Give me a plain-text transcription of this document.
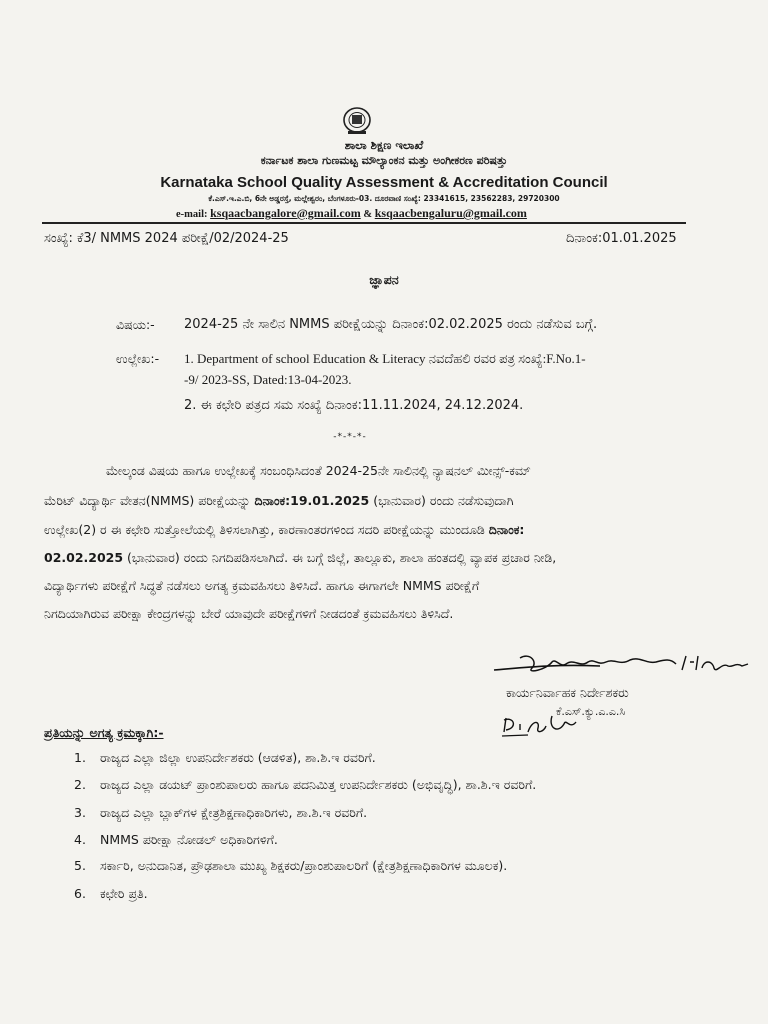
ಶಾಲಾ ಶಿಕ್ಷಣ ಇಲಾಖೆ
ಕರ್ನಾಟಕ ಶಾಲಾ ಗುಣಮಟ್ಟ ಮೌಲ್ಯಾಂಕನ ಮತ್ತು ಅಂಗೀಕರಣ ಪರಿಷತ್ತು
Karnataka School Quality Assessment & Accreditation Council
ಕೆ.ಎಸ್.ಇ.ಎ.ಬಿ, 6ನೇ ಅಡ್ಡರಸ್ತೆ, ಮಲ್ಲೇಶ್ವರಂ, ಬೆಂಗಳೂರು-03. ದೂರವಾಣಿ ಸಂಖ್ಯೆ: 23341615, 23562283, 29720300
e-mail: ksqaacbangalore@gmail.com & ksqaacbengaluru@gmail.com
ಸಂಖ್ಯೆ: ಕೆ3/ NMMS 2024 ಪರೀಕ್ಷೆ/02/2024-25	ದಿನಾಂಕ:01.01.2025
ಜ್ಞಾಪನ
ವಿಷಯ:- 2024-25 ನೇ ಸಾಲಿನ NMMS ಪರೀಕ್ಷೆಯನ್ನು ದಿನಾಂಕ:02.02.2025 ರಂದು ನಡೆಸುವ ಬಗ್ಗೆ.
ಉಲ್ಲೇಖ:- 1. Department of school Education & Literacy ನವದೆಹಲಿ ರವರ ಪತ್ರ ಸಂಖ್ಯೆ:F.No.1-
-9/ 2023-SS, Dated:13-04-2023.
2. ಈ ಕಛೇರಿ ಪತ್ರದ ಸಮ ಸಂಖ್ಯೆ ದಿನಾಂಕ:11.11.2024, 24.12.2024.
-*-*-*-
ಮೇಲ್ಕಂಡ ವಿಷಯ ಹಾಗೂ ಉಲ್ಲೇಖಕ್ಕೆ ಸಂಬಂಧಿಸಿದಂತೆ 2024-25ನೇ ಸಾಲಿನಲ್ಲಿ ನ್ಯಾಷನಲ್ ಮೀನ್ಸ್-ಕಮ್
ಮೆರಿಟ್ ವಿದ್ಯಾರ್ಥಿ ವೇತನ(NMMS) ಪರೀಕ್ಷೆಯನ್ನು ದಿನಾಂಕ:19.01.2025 (ಭಾನುವಾರ) ರಂದು ನಡೆಸುವುದಾಗಿ
ಉಲ್ಲೇಖ(2) ರ ಈ ಕಛೇರಿ ಸುತ್ತೋಲೆಯಲ್ಲಿ ತಿಳಿಸಲಾಗಿತ್ತು, ಕಾರಣಾಂತರಗಳಿಂದ ಸದರಿ ಪರೀಕ್ಷೆಯನ್ನು ಮುಂದೂಡಿ ದಿನಾಂಕ:
02.02.2025 (ಭಾನುವಾರ) ರಂದು ನಿಗದಿಪಡಿಸಲಾಗಿದೆ. ಈ ಬಗ್ಗೆ ಜಿಲ್ಲೆ, ತಾಲ್ಲೂಕು, ಶಾಲಾ ಹಂತದಲ್ಲಿ ವ್ಯಾಪಕ ಪ್ರಚಾರ ನೀಡಿ,
ವಿದ್ಯಾರ್ಥಿಗಳು ಪರೀಕ್ಷೆಗೆ ಸಿದ್ಧತೆ ನಡೆಸಲು ಅಗತ್ಯ ಕ್ರಮವಹಿಸಲು ತಿಳಿಸಿದೆ. ಹಾಗೂ ಈಗಾಗಲೇ NMMS ಪರೀಕ್ಷೆಗೆ
ನಿಗದಿಯಾಗಿರುವ ಪರೀಕ್ಷಾ ಕೇಂದ್ರಗಳನ್ನು ಬೇರೆ ಯಾವುದೇ ಪರೀಕ್ಷೆಗಳಿಗೆ ನೀಡದಂತೆ ಕ್ರಮವಹಿಸಲು ತಿಳಿಸಿದೆ.
ಕಾರ್ಯನಿರ್ವಾಹಕ ನಿರ್ದೇಶಕರು
ಕೆ.ಎಸ್.ಕ್ಯು.ಎ.ಎ.ಸಿ
ಪ್ರತಿಯನ್ನು ಅಗತ್ಯ ಕ್ರಮಕ್ಕಾಗಿ:-
1. ರಾಜ್ಯದ ಎಲ್ಲಾ ಜಿಲ್ಲಾ ಉಪನಿರ್ದೇಶಕರು (ಆಡಳಿತ), ಶಾ.ಶಿ.ಇ ರವರಿಗೆ.
2. ರಾಜ್ಯದ ಎಲ್ಲಾ ಡಯಟ್ ಪ್ರಾಂಶುಪಾಲರು ಹಾಗೂ ಪದನಿಮಿತ್ತ ಉಪನಿರ್ದೇಶಕರು (ಅಭಿವೃದ್ಧಿ), ಶಾ.ಶಿ.ಇ ರವರಿಗೆ.
3. ರಾಜ್ಯದ ಎಲ್ಲಾ ಬ್ಲಾಕ್‌ಗಳ ಕ್ಷೇತ್ರಶಿಕ್ಷಣಾಧಿಕಾರಿಗಳು, ಶಾ.ಶಿ.ಇ ರವರಿಗೆ.
4. NMMS ಪರೀಕ್ಷಾ ನೋಡಲ್ ಅಧಿಕಾರಿಗಳಿಗೆ.
5. ಸರ್ಕಾರಿ, ಅನುದಾನಿತ, ಪ್ರೌಢಶಾಲಾ ಮುಖ್ಯ ಶಿಕ್ಷಕರು/ಪ್ರಾಂಶುಪಾಲರಿಗೆ (ಕ್ಷೇತ್ರಶಿಕ್ಷಣಾಧಿಕಾರಿಗಳ ಮೂಲಕ).
6. ಕಛೇರಿ ಪ್ರತಿ.
